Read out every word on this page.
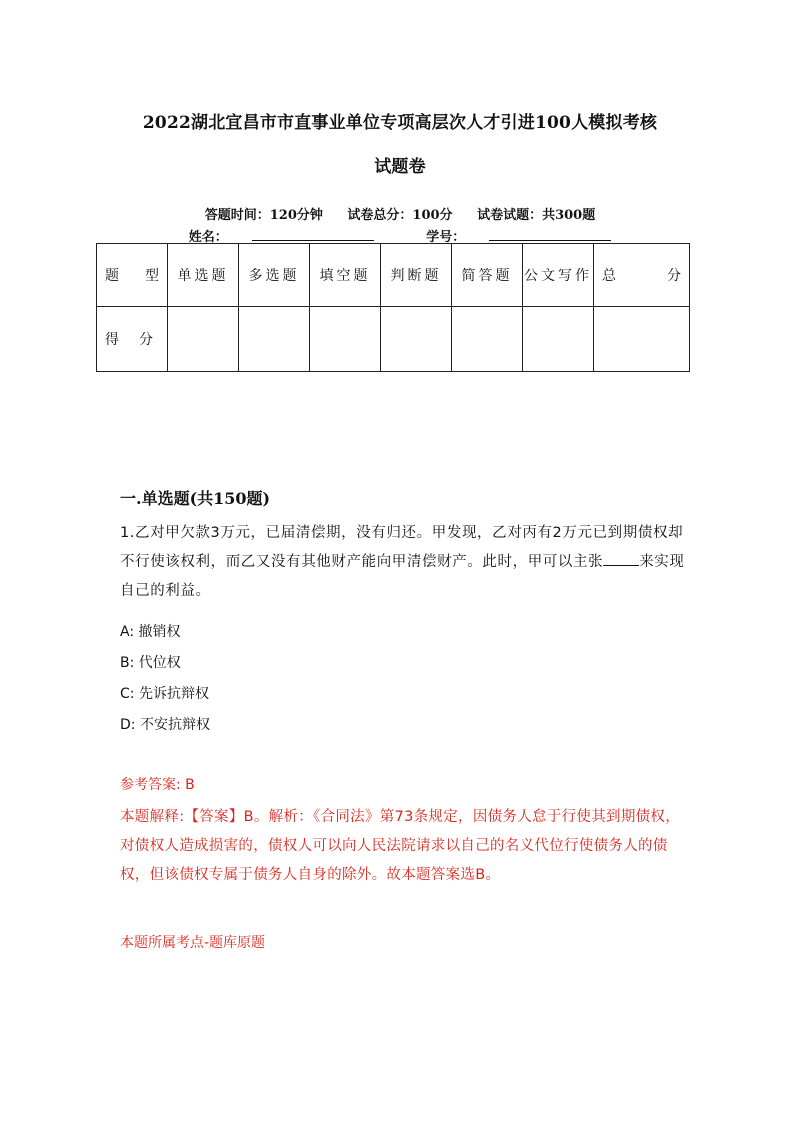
2022湖北宜昌市市直事业单位专项高层次人才引进100人模拟考核
试题卷
答题时间：120分钟 试卷总分：100分 试卷试题：共300题
姓名：	学号：
题 型	单选题	多选题	填空题	判断题	简答题	公文写作	总 分

得 分							

一.单选题(共150题)
1.乙对甲欠款3万元，已届清偿期，没有归还。甲发现，乙对丙有2万元已到期债权却不行使该权利，而乙又没有其他财产能向甲清偿财产。此时，甲可以主张 来实现自己的利益。
A: 撤销权
B: 代位权
C: 先诉抗辩权
D: 不安抗辩权
参考答案: B
本题解释:【答案】B。解析：《合同法》第73条规定，因债务人怠于行使其到期债权，对债权人造成损害的，债权人可以向人民法院请求以自己的名义代位行使债务人的债权，但该债权专属于债务人自身的除外。故本题答案选B。
本题所属考点-题库原题
